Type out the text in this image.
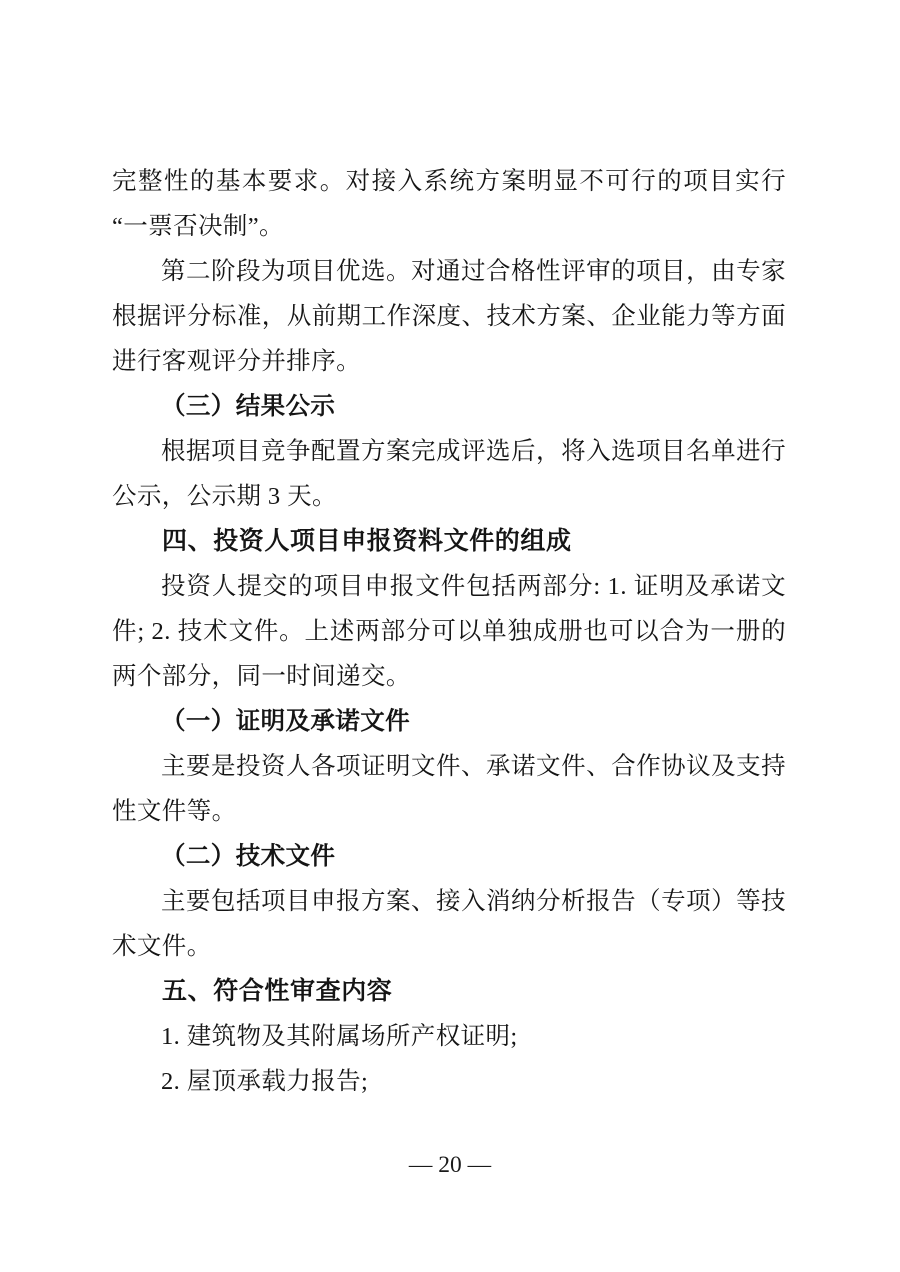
完整性的基本要求。对接入系统方案明显不可行的项目实行“一票否决制”。

第二阶段为项目优选。对通过合格性评审的项目，由专家根据评分标准，从前期工作深度、技术方案、企业能力等方面进行客观评分并排序。

（三）结果公示

根据项目竞争配置方案完成评选后，将入选项目名单进行公示，公示期 3 天。

四、投资人项目申报资料文件的组成

投资人提交的项目申报文件包括两部分: 1. 证明及承诺文件; 2. 技术文件。上述两部分可以单独成册也可以合为一册的两个部分，同一时间递交。

（一）证明及承诺文件

主要是投资人各项证明文件、承诺文件、合作协议及支持性文件等。

（二）技术文件

主要包括项目申报方案、接入消纳分析报告（专项）等技术文件。

五、符合性审查内容

1. 建筑物及其附属场所产权证明;

2. 屋顶承载力报告;

— 20 —
